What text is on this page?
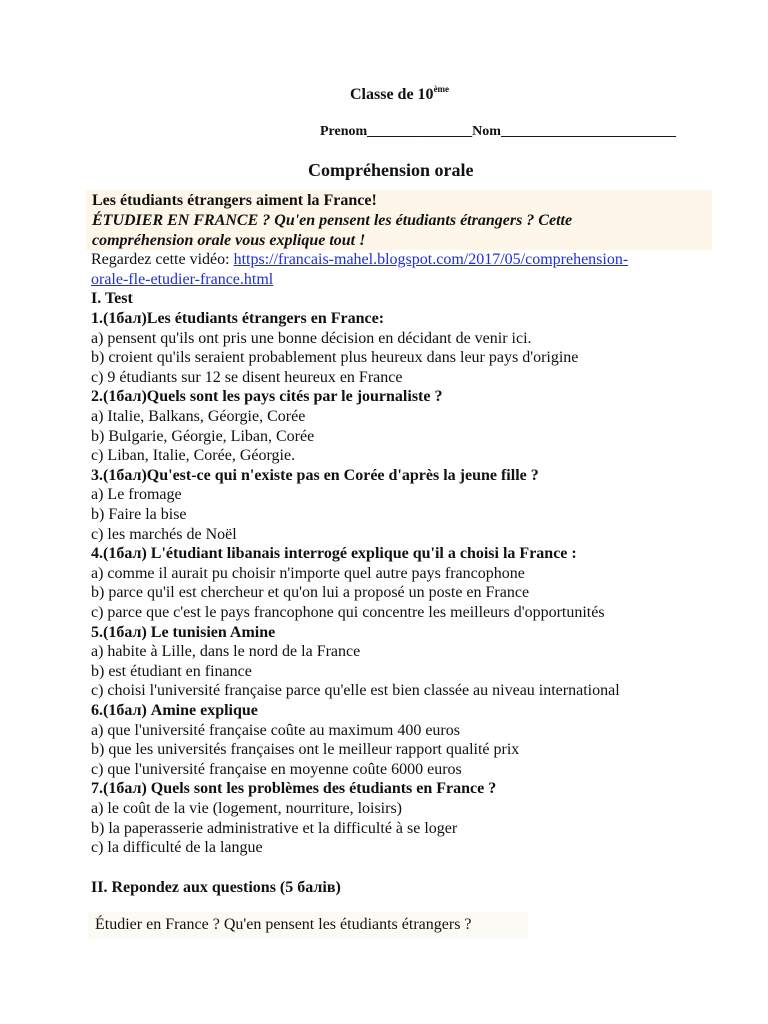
Classe de 10ème
Prenom_______________Nom_________________________
Compréhension orale
Les étudiants étrangers aiment la France!
ÉTUDIER EN FRANCE ? Qu'en pensent les étudiants étrangers ? Cette
compréhension orale vous explique tout !
Regardez cette vidéo: https://francais-mahel.blogspot.com/2017/05/comprehension-
orale-fle-etudier-france.html
I. Test
1.(1бал)Les étudiants étrangers en France:
a) pensent qu'ils ont pris une bonne décision en décidant de venir ici.
b) croient qu'ils seraient probablement plus heureux dans leur pays d'origine
c) 9 étudiants sur 12 se disent heureux en France
2.(1бал)Quels sont les pays cités par le journaliste ?
a) Italie, Balkans, Géorgie, Corée
b) Bulgarie, Géorgie, Liban, Corée
c) Liban, Italie, Corée, Géorgie.
3.(1бал)Qu'est-ce qui n'existe pas en Corée d'après la jeune fille ?
a) Le fromage
b) Faire la bise
c) les marchés de Noël
4.(1бал) L'étudiant libanais interrogé explique qu'il a choisi la France :
a) comme il aurait pu choisir n'importe quel autre pays francophone
b) parce qu'il est chercheur et qu'on lui a proposé un poste en France
c) parce que c'est le pays francophone qui concentre les meilleurs d'opportunités
5.(1бал) Le tunisien Amine
a) habite à Lille, dans le nord de la France
b) est étudiant en finance
c) choisi l'université française parce qu'elle est bien classée au niveau international
6.(1бал) Amine explique
a) que l'université française coûte au maximum 400 euros
b) que les universités françaises ont le meilleur rapport qualité prix
c) que l'université française en moyenne coûte 6000 euros
7.(1бал) Quels sont les problèmes des étudiants en France ?
a) le coût de la vie (logement, nourriture, loisirs)
b) la paperasserie administrative et la difficulté à se loger
c) la difficulté de la langue
II. Repondez aux questions (5 балів)
Étudier en France ? Qu'en pensent les étudiants étrangers ?
